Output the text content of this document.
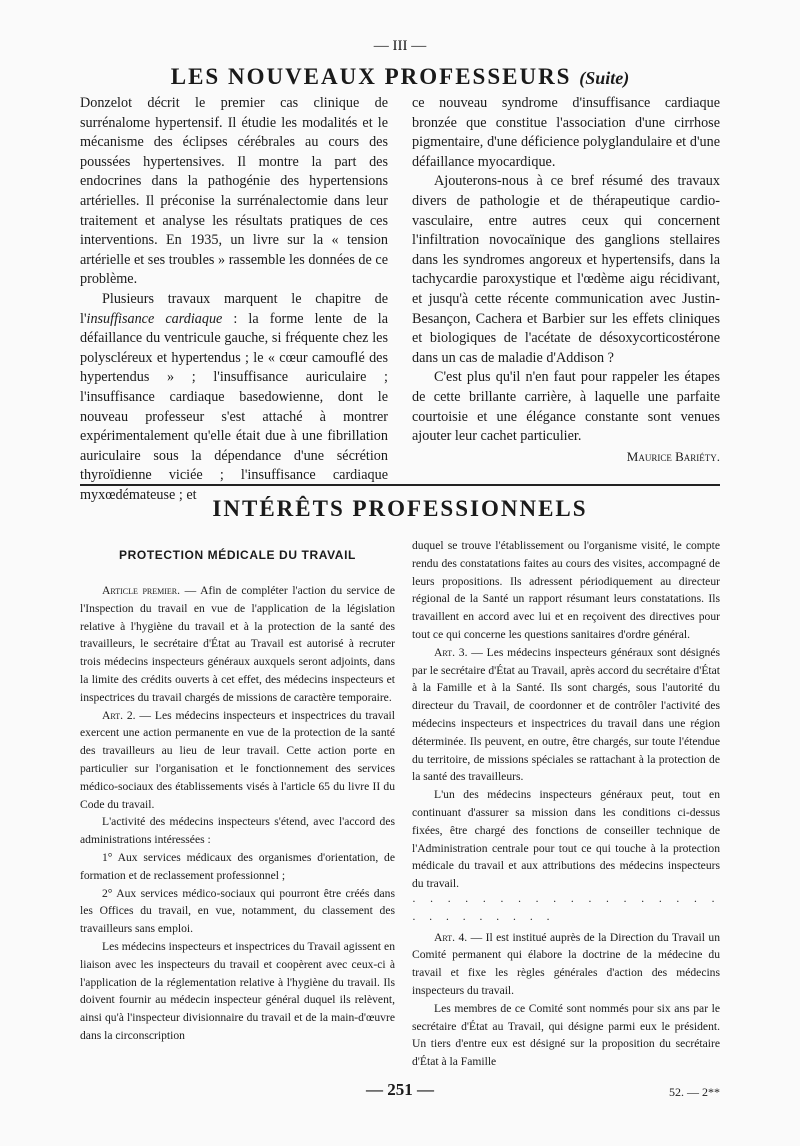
— III —
LES NOUVEAUX PROFESSEURS (Suite)

Donzelot décrit le premier cas clinique de surrénalome hypertensif. Il étudie les modalités et le mécanisme des éclipses cérébrales au cours des poussées hypertensives. Il montre la part des endocrines dans la pathogénie des hypertensions artérielles. Il préconise la surrénalectomie dans leur traitement et analyse les résultats pratiques de ces interventions. En 1935, un livre sur la « tension artérielle et ses troubles » rassemble les données de ce problème.

Plusieurs travaux marquent le chapitre de l'insuffisance cardiaque : la forme lente de la défaillance du ventricule gauche, si fréquente chez les polyscléreux et hypertendus ; le « cœur camouflé des hypertendus » ; l'insuffisance auriculaire ; l'insuffisance cardiaque basedowienne, dont le nouveau professeur s'est attaché à montrer expérimentalement qu'elle était due à une fibrillation auriculaire sous la dépendance d'une sécrétion thyroïdienne viciée ; l'insuffisance cardiaque myxœdémateuse ; et

ce nouveau syndrome d'insuffisance cardiaque bronzée que constitue l'association d'une cirrhose pigmentaire, d'une déficience polyglandulaire et d'une défaillance myocardique.

Ajouterons-nous à ce bref résumé des travaux divers de pathologie et de thérapeutique cardio-vasculaire, entre autres ceux qui concernent l'infiltration novocaïnique des ganglions stellaires dans les syndromes angoreux et hypertensifs, dans la tachycardie paroxystique et l'œdème aigu récidivant, et jusqu'à cette récente communication avec Justin-Besançon, Cachera et Barbier sur les effets cliniques et biologiques de l'acétate de désoxycorticostérone dans un cas de maladie d'Addison ?

C'est plus qu'il n'en faut pour rappeler les étapes de cette brillante carrière, à laquelle une parfaite courtoisie et une élégance constante sont venues ajouter leur cachet particulier.

Maurice Bariéty.
INTÉRÊTS PROFESSIONNELS
PROTECTION MÉDICALE DU TRAVAIL

Article premier. — Afin de compléter l'action du service de l'Inspection du travail en vue de l'application de la législation relative à l'hygiène du travail et à la protection de la santé des travailleurs, le secrétaire d'État au Travail est autorisé à recruter trois médecins inspecteurs généraux auxquels seront adjoints, dans la limite des crédits ouverts à cet effet, des médecins inspecteurs et inspectrices du travail chargés de missions de caractère temporaire.

Art. 2. — Les médecins inspecteurs et inspectrices du travail exercent une action permanente en vue de la protection de la santé des travailleurs au lieu de leur travail. Cette action porte en particulier sur l'organisation et le fonctionnement des services médico-sociaux des établissements visés à l'article 65 du livre II du Code du travail.

L'activité des médecins inspecteurs s'étend, avec l'accord des administrations intéressées :

1° Aux services médicaux des organismes d'orientation, de formation et de reclassement professionnel ;

2° Aux services médico-sociaux qui pourront être créés dans les Offices du travail, en vue, notamment, du classement des travailleurs sans emploi.

Les médecins inspecteurs et inspectrices du Travail agissent en liaison avec les inspecteurs du travail et coopèrent avec ceux-ci à l'application de la réglementation relative à l'hygiène du travail. Ils doivent fournir au médecin inspecteur général duquel ils relèvent, ainsi qu'à l'inspecteur divisionnaire du travail et de la main-d'œuvre dans la circonscription

duquel se trouve l'établissement ou l'organisme visité, le compte rendu des constatations faites au cours des visites, accompagné de leurs propositions. Ils adressent périodiquement au directeur régional de la Santé un rapport résumant leurs constatations. Ils travaillent en accord avec lui et en reçoivent des directives pour tout ce qui concerne les questions sanitaires d'ordre général.

Art. 3. — Les médecins inspecteurs généraux sont désignés par le secrétaire d'État au Travail, après accord du secrétaire d'État à la Famille et à la Santé. Ils sont chargés, sous l'autorité du directeur du Travail, de coordonner et de contrôler l'activité des médecins inspecteurs et inspectrices du travail dans une région déterminée. Ils peuvent, en outre, être chargés, sur toute l'étendue du territoire, de missions spéciales se rattachant à la protection de la santé des travailleurs.

L'un des médecins inspecteurs généraux peut, tout en continuant d'assurer sa mission dans les conditions ci-dessus fixées, être chargé des fonctions de conseiller technique de l'Administration centrale pour tout ce qui touche à la protection médicale du travail et aux attributions des médecins inspecteurs du travail.

· · · · · · · · · · · · · · · · · · · · · · · · · · ·

Art. 4. — Il est institué auprès de la Direction du Travail un Comité permanent qui élabore la doctrine de la médecine du travail et fixe les règles générales d'action des médecins inspecteurs du travail.

Les membres de ce Comité sont nommés pour six ans par le secrétaire d'État au Travail, qui désigne parmi eux le président. Un tiers d'entre eux est désigné sur la proposition du secrétaire d'État à la Famille

— 251 —	52. — 2**
